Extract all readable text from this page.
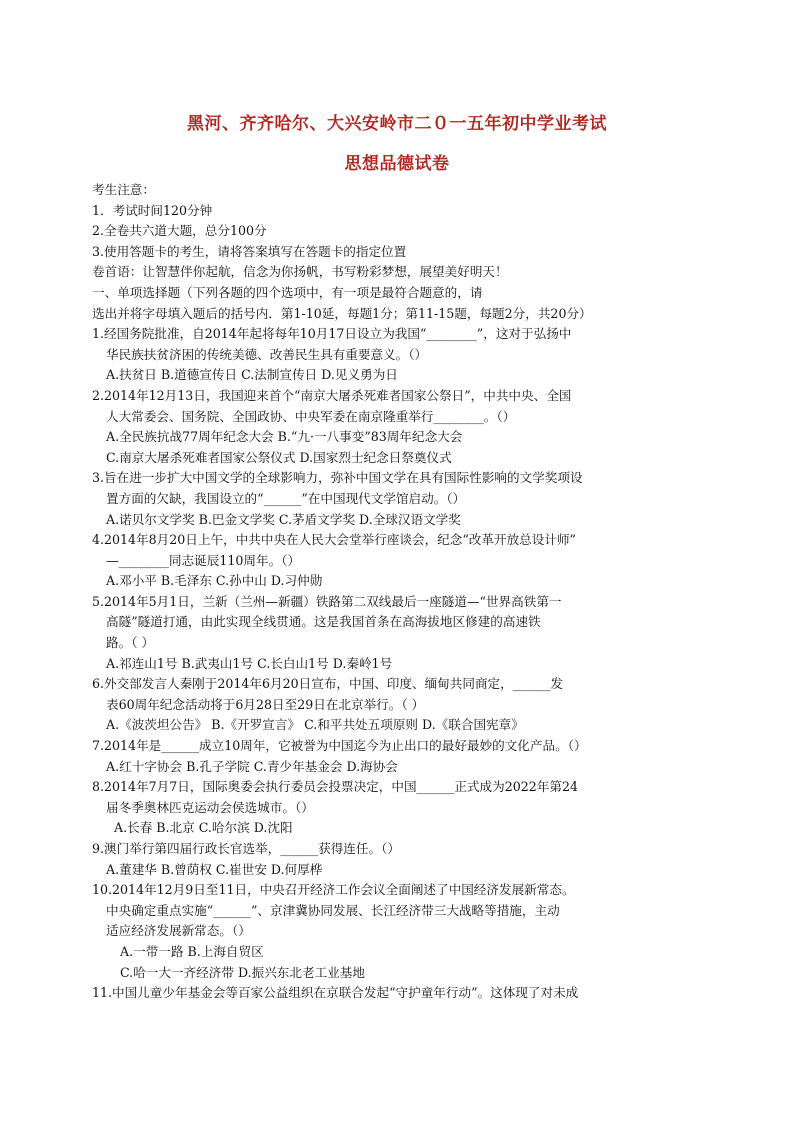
黑河、齐齐哈尔、大兴安岭市二０一五年初中学业考试
思想品德试卷
考生注意：
1．考试时间120分钟
2.全卷共六道大题，总分100分
3.使用答题卡的考生，请将答案填写在答题卡的指定位置
卷首语：让智慧伴你起航，信念为你扬帆，书写粉彩梦想，展望美好明天！
一、单项选择题（下列各题的四个选项中，有一项是最符合题意的，请
选出并将字母填入题后的括号内．第1-10延，每题1分；第11-15题，每题2分，共20分）
1.经国务院批准，自2014年起将每年10月17日设立为我国“________”，这对于弘扬中
华民族扶贫济困的传统美德、改善民生具有重要意义。（）
A.扶贫日 B.道德宣传日 C.法制宣传日 D.见义勇为日
2.2014年12月13日，我国迎来首个“南京大屠杀死难者国家公祭日”，中共中央、全国
人大常委会、国务院、全国政协、中央军委在南京隆重举行________。（）
A.全民族抗战77周年纪念大会 B.“九·一八事变”83周年纪念大会
C.南京大屠杀死难者国家公祭仪式 D.国家烈士纪念日祭奠仪式
3.旨在进一步扩大中国文学的全球影响力，弥补中国文学在具有国际性影响的文学奖项设
置方面的欠缺，我国设立的“______”在中国现代文学馆启动。（）
A.诺贝尔文学奖 B.巴金文学奖 C.茅盾文学奖 D.全球汉语文学奖
4.2014年8月20日上午，中共中央在人民大会堂举行座谈会，纪念“改革开放总设计师”
—________同志诞辰110周年。（）
A.邓小平 B.毛泽东 C.孙中山 D.习仲勋
5.2014年5月1日，兰新（兰州—新疆）铁路第二双线最后一座隧道—“世界高铁第一
高隧”隧道打通，由此实现全线贯通。这是我国首条在高海拔地区修建的高速铁
路。（ ）
A.祁连山1号 B.武夷山1号 C.长白山1号 D.秦岭1号
6.外交部发言人秦刚于2014年6月20日宣布，中国、印度、缅甸共同商定，______发
表60周年纪念活动将于6月28日至29日在北京举行。（ ）
A.《波茨坦公告》 B.《开罗宣言》 C.和平共处五项原则 D.《联合国宪章》
7.2014年是______成立10周年，它被誉为中国迄今为止出口的最好最妙的文化产品。（）
A.红十字协会 B.孔子学院 C.青少年基金会 D.海协会
8.2014年7月7日，国际奥委会执行委员会投票决定，中国______正式成为2022年第24
届冬季奥林匹克运动会侯选城市。（）
A.长春 B.北京 C.哈尔滨 D.沈阳
9.澳门举行第四届行政长官选举，______获得连任。（）
A.董建华 B.曾荫权 C.崔世安 D.何厚桦
10.2014年12月9日至11日，中央召开经济工作会议全面阐述了中国经济发展新常态。
中央确定重点实施“______”、京津冀协同发展、长江经济带三大战略等措施，主动
适应经济发展新常态。（）
A.一带一路 B.上海自贸区
C.哈一大一齐经济带 D.振兴东北老工业基地
11.中国儿童少年基金会等百家公益组织在京联合发起“守护童年行动”。这体现了对未成
